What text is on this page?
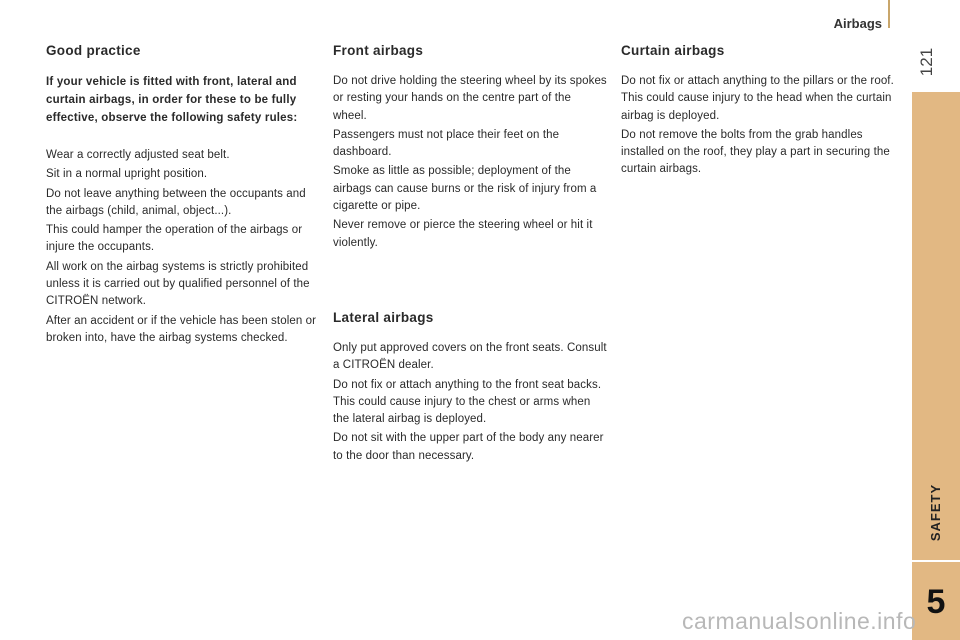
Airbags
121
SAFETY
5
Good practice

If your vehicle is fitted with front, lateral and curtain airbags, in order for these to be fully effective, observe the following safety rules:

Wear a correctly adjusted seat belt.

Sit in a normal upright position.

Do not leave anything between the occupants and the airbags (child, animal, object...).

This could hamper the operation of the airbags or injure the occupants.

All work on the airbag systems is strictly prohibited unless it is carried out by qualified personnel of the CITROËN network.

After an accident or if the vehicle has been stolen or broken into, have the airbag systems checked.

Front airbags

Do not drive holding the steering wheel by its spokes or resting your hands on the centre part of the wheel.

Passengers must not place their feet on the dashboard.

Smoke as little as possible; deployment of the airbags can cause burns or the risk of injury from a cigarette or pipe.

Never remove or pierce the steering wheel or hit it violently.

Lateral airbags

Only put approved covers on the front seats. Consult a CITROËN dealer.

Do not fix or attach anything to the front seat backs. This could cause injury to the chest or arms when the lateral airbag is deployed.

Do not sit with the upper part of the body any nearer to the door than necessary.

Curtain airbags

Do not fix or attach anything to the pillars or the roof. This could cause injury to the head when the curtain airbag is deployed.

Do not remove the bolts from the grab handles installed on the roof, they play a part in securing the curtain airbags.

carmanualsonline.info
